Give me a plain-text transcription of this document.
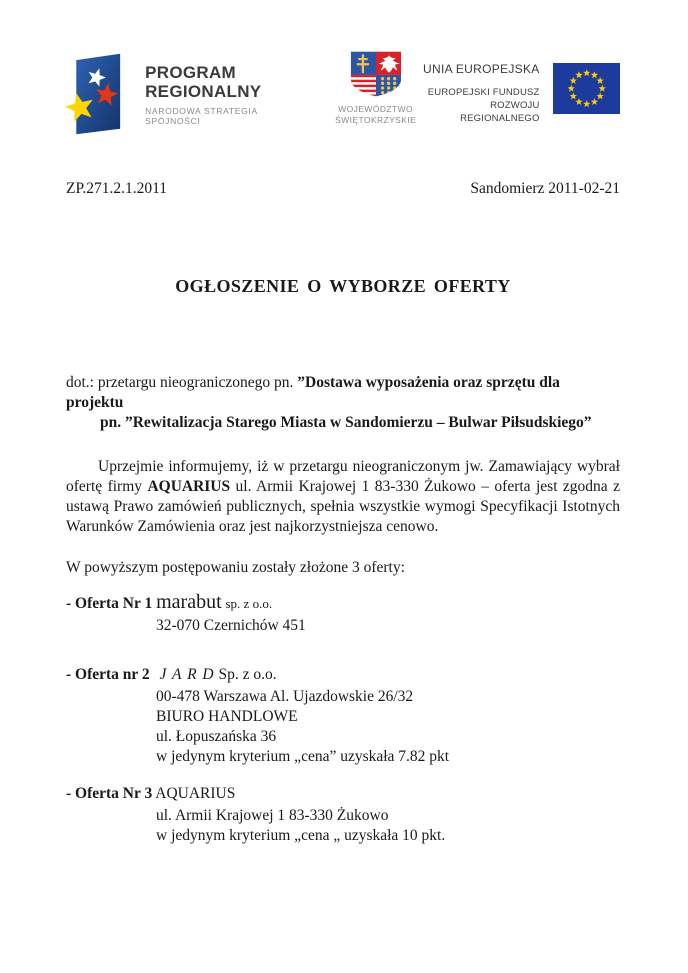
PROGRAM
REGIONALNY
NARODOWA STRATEGIA SPÓJNOŚCI
WOJEWÓDZTWO
ŚWIĘTOKRZYSKIE
UNIA EUROPEJSKA
EUROPEJSKI FUNDUSZ
ROZWOJU REGIONALNEGO
ZP.271.2.1.2011	Sandomierz 2011-02-21
OGŁOSZENIE O WYBORZE OFERTY

dot.: przetargu nieograniczonego pn. ”Dostawa wyposażenia oraz sprzętu dla projektu
pn. ”Rewitalizacja Starego Miasta w Sandomierzu – Bulwar Piłsudskiego”

Uprzejmie informujemy, iż w przetargu nieograniczonym jw. Zamawiający wybrał ofertę firmy AQUARIUS ul. Armii Krajowej 1 83-330 Żukowo – oferta jest zgodna z ustawą Prawo zamówień publicznych, spełnia wszystkie wymogi Specyfikacji Istotnych Warunków Zamówienia oraz jest najkorzystniejsza cenowo.

W powyższym postępowaniu zostały złożone 3 oferty:

- Oferta Nr 1 marabut sp. z o.o.
32-070 Czernichów 451
- Oferta nr 2 J A R D Sp. z o.o.
00-478 Warszawa Al. Ujazdowskie 26/32
BIURO HANDLOWE
ul. Łopuszańska 36
w jedynym kryterium „cena” uzyskała 7.82 pkt
- Oferta Nr 3 AQUARIUS
ul. Armii Krajowej 1 83-330 Żukowo
w jedynym kryterium „cena „ uzyskała 10 pkt.
